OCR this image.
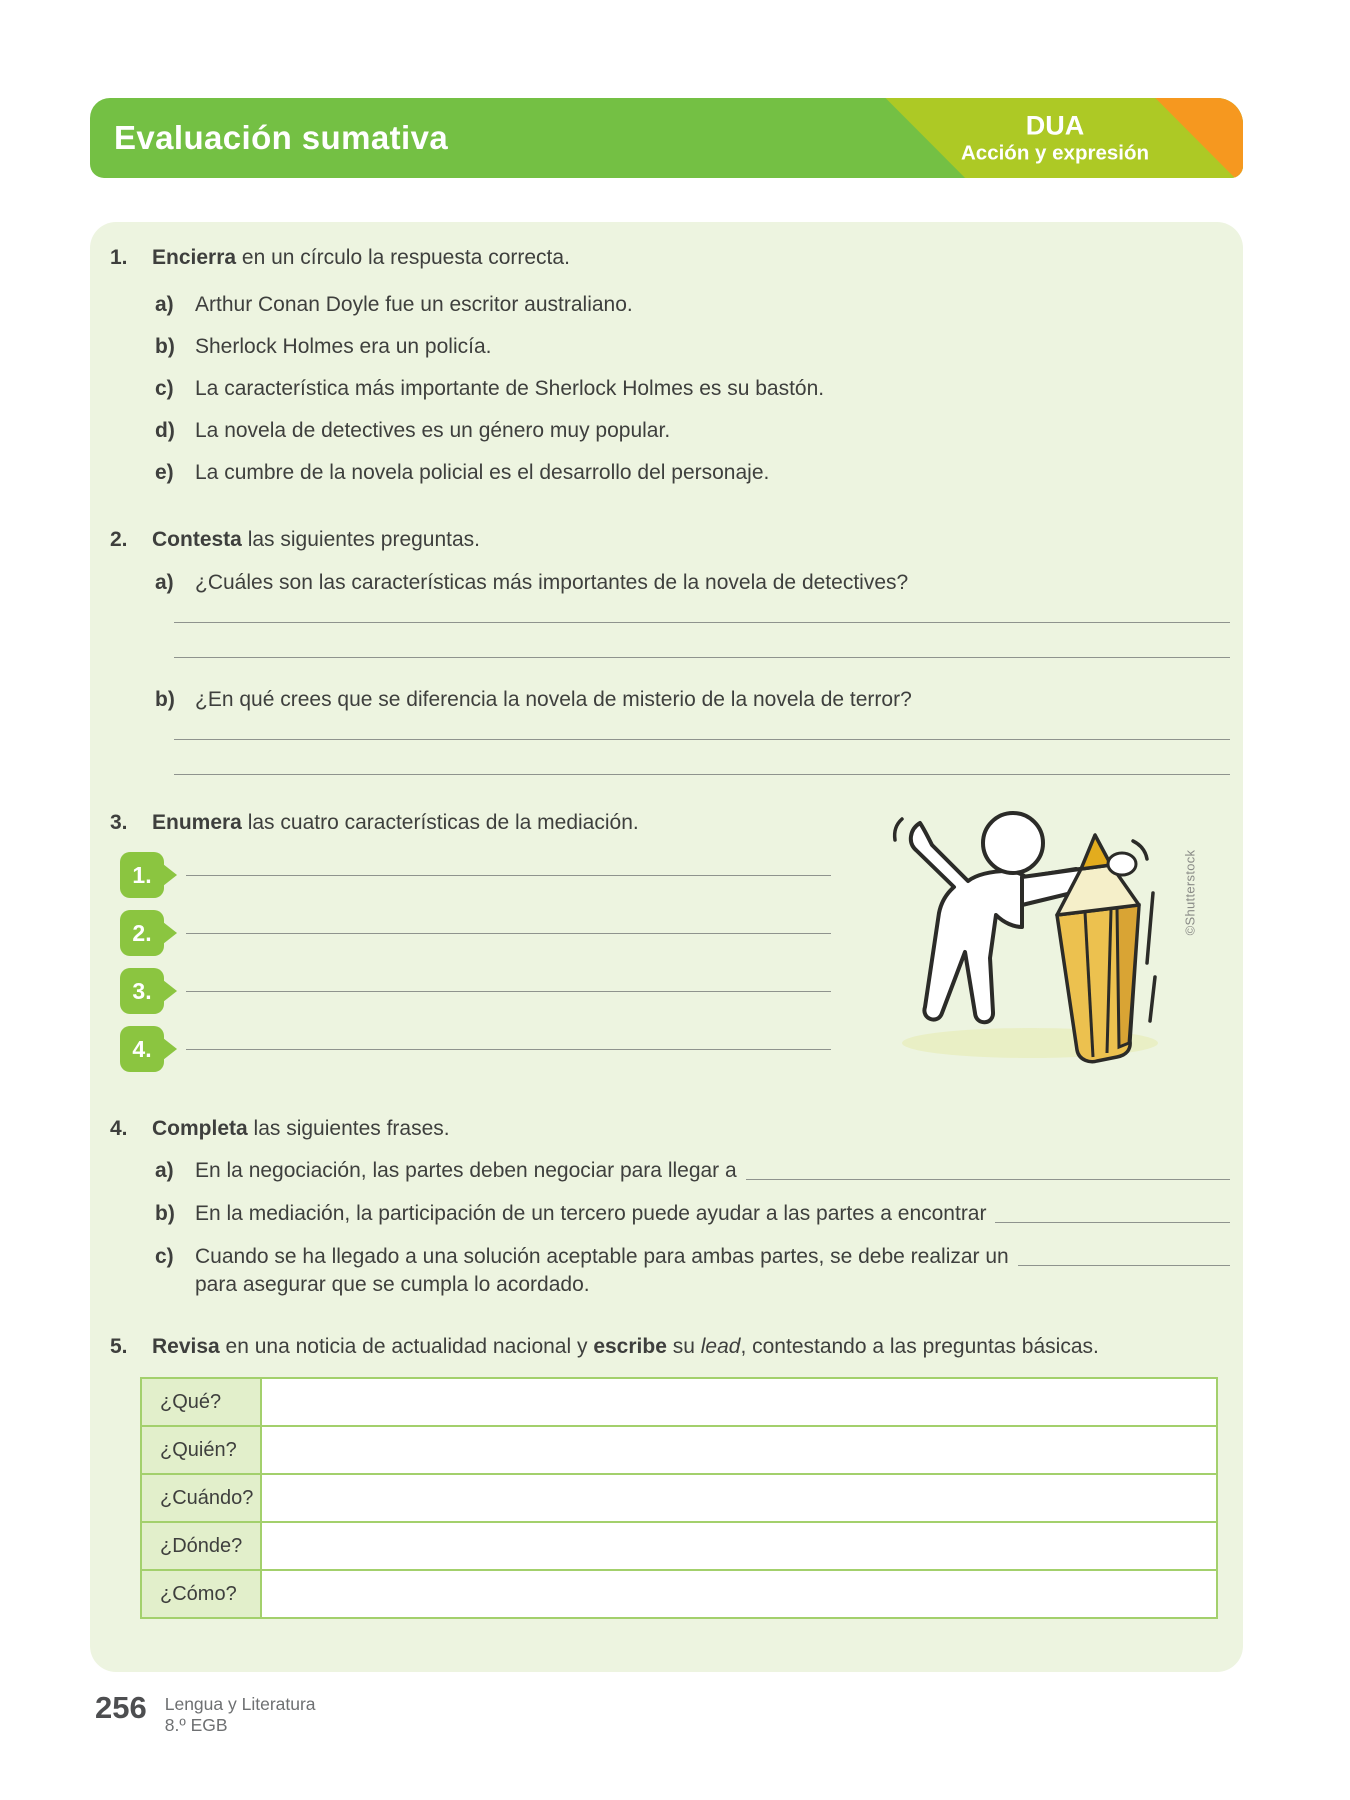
Evaluación sumativa	DUA
Acción y expresión
1.	Encierra en un círculo la respuesta correcta.
a)	Arthur Conan Doyle fue un escritor australiano.
b) Sherlock Holmes era un policía.
c)	La característica más importante de Sherlock Holmes es su bastón.
d) La novela de detectives es un género muy popular.
e)	La cumbre de la novela policial es el desarrollo del personaje.
2.	Contesta las siguientes preguntas.
a)	¿Cuáles son las características más importantes de la novela de detectives?
b) ¿En qué crees que se diferencia la novela de misterio de la novela de terror?
3.	Enumera las cuatro características de la mediación.
1.
2.
3.
4.
©Shutterstock
4.	Completa las siguientes frases.
a)	En la negociación, las partes deben negociar para llegar a
b) En la mediación, la participación de un tercero puede ayudar a las partes a encontrar
c)	Cuando se ha llegado a una solución aceptable para ambas partes, se debe realizar un
para asegurar que se cumpla lo acordado.
5.	Revisa en una noticia de actualidad nacional y escribe su lead, contestando a las preguntas básicas.
¿Qué?	
¿Quién?	
¿Cuándo?	
¿Dónde?	
¿Cómo?	
256 Lengua y Literatura
8.º EGB
